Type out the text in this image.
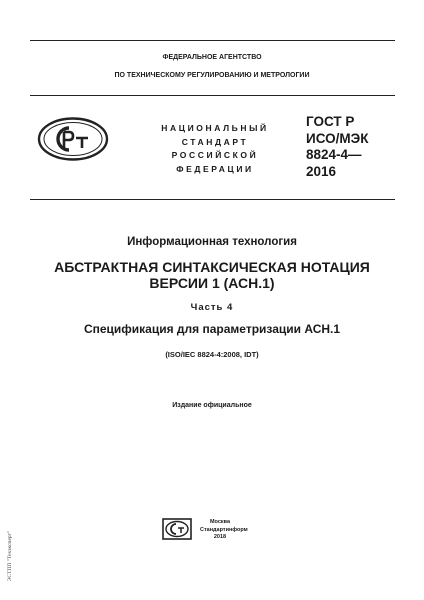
ФЕДЕРАЛЬНОЕ АГЕНТСТВО
ПО ТЕХНИЧЕСКОМУ РЕГУЛИРОВАНИЮ И МЕТРОЛОГИИ
НАЦИОНАЛЬНЫЙ
СТАНДАРТ
РОССИЙСКОЙ
ФЕДЕРАЦИИ
ГОСТ Р
ИСО/МЭК
8824-4—
2016
Информационная технология
АБСТРАКТНАЯ СИНТАКСИЧЕСКАЯ НОТАЦИЯ
ВЕРСИИ 1 (АСН.1)
Часть 4
Спецификация для параметризации АСН.1
(ISO/IEC 8824-4:2008, IDT)
Издание официальное
ЭСТПП "Техэксперт"
Москва
Стандартинформ
2018
